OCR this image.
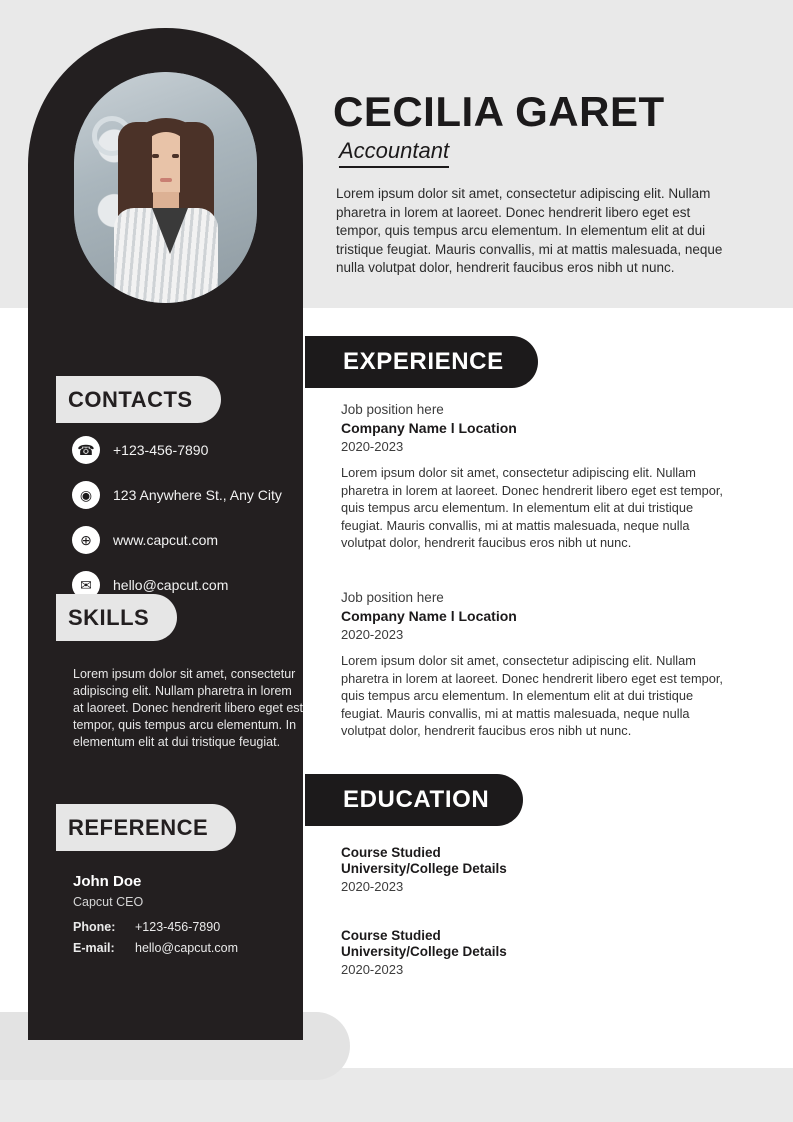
CONTACTS
☎	+123-456-7890
◉	123 Anywhere St., Any City
⊕	www.capcut.com
✉	hello@capcut.com
SKILLS
Lorem ipsum dolor sit amet, consectetur adipiscing elit. Nullam pharetra in lorem at laoreet. Donec hendrerit libero eget est tempor, quis tempus arcu elementum. In elementum elit at dui tristique feugiat.
REFERENCE
John Doe
Capcut CEO
Phone:	+123-456-7890
E-mail:	hello@capcut.com
CECILIA GARET
Accountant
Lorem ipsum dolor sit amet, consectetur adipiscing elit. Nullam pharetra in lorem at laoreet. Donec hendrerit libero eget est tempor, quis tempus arcu elementum. In elementum elit at dui tristique feugiat. Mauris convallis, mi at mattis malesuada, neque nulla volutpat dolor, hendrerit faucibus eros nibh ut nunc.
EXPERIENCE
Job position here
Company Name l Location
2020-2023
Lorem ipsum dolor sit amet, consectetur adipiscing elit. Nullam pharetra in lorem at laoreet. Donec hendrerit libero eget est tempor, quis tempus arcu elementum. In elementum elit at dui tristique feugiat. Mauris convallis, mi at mattis malesuada, neque nulla volutpat dolor, hendrerit faucibus eros nibh ut nunc.
Job position here
Company Name l Location
2020-2023
Lorem ipsum dolor sit amet, consectetur adipiscing elit. Nullam pharetra in lorem at laoreet. Donec hendrerit libero eget est tempor, quis tempus arcu elementum. In elementum elit at dui tristique feugiat. Mauris convallis, mi at mattis malesuada, neque nulla volutpat dolor, hendrerit faucibus eros nibh ut nunc.
EDUCATION
Course Studied
University/College Details
2020-2023
Course Studied
University/College Details
2020-2023
